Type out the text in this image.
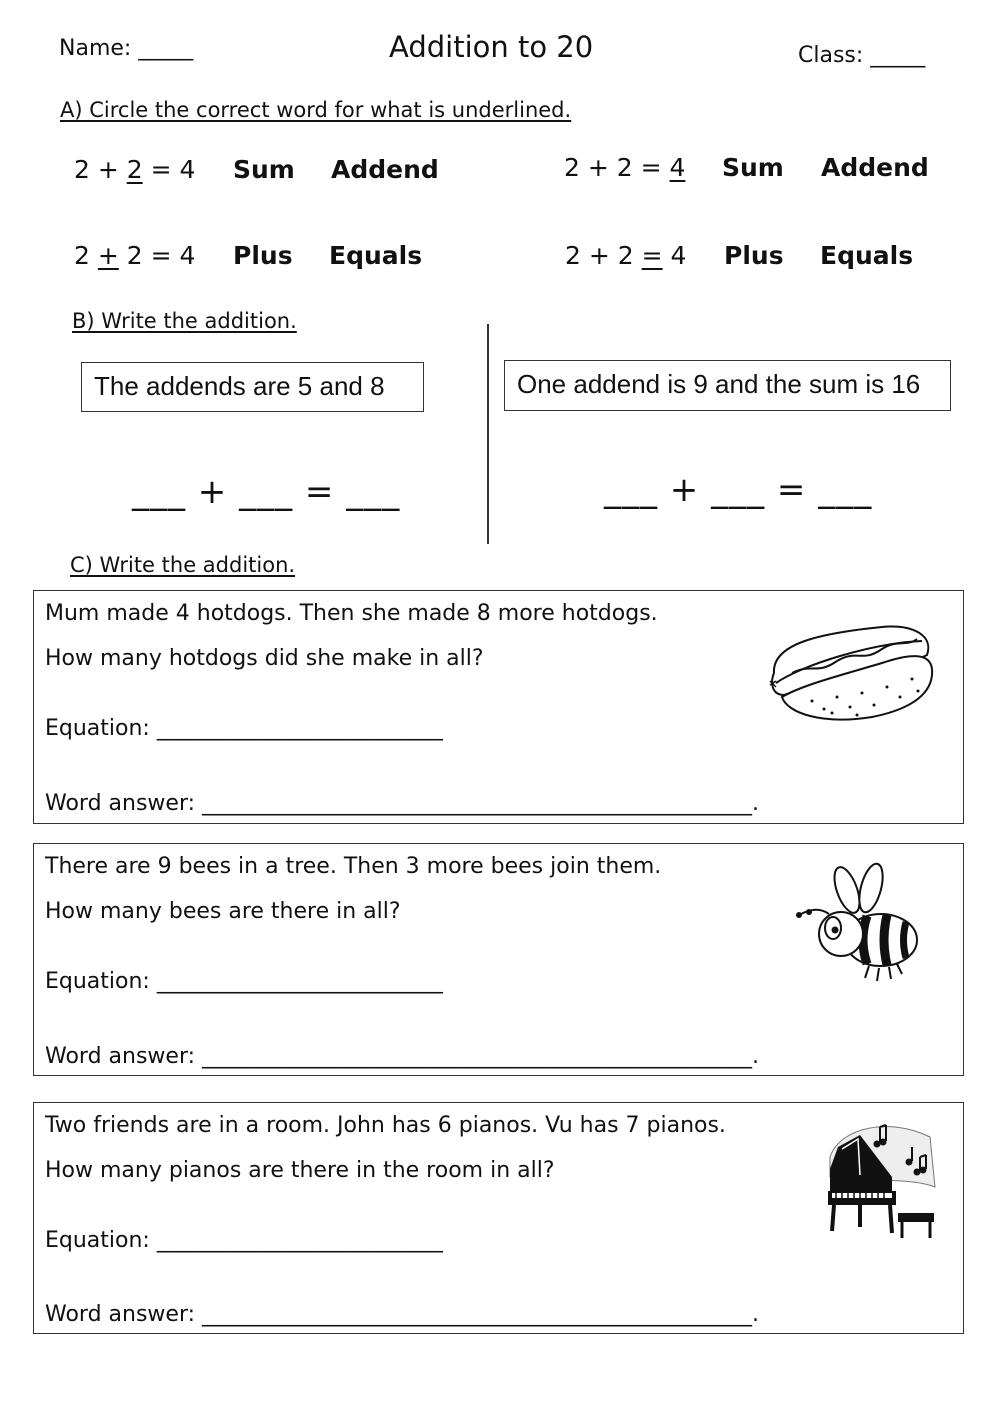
Name: _____	Addition to 20	Class: _____
A) Circle the correct word for what is underlined.
2 + 2 = 4 Sum Addend	2 + 2 = 4 Sum Addend
2 + 2 = 4 Plus Equals	2 + 2 = 4 Plus Equals
B) Write the addition.
The addends are 5 and 8	One addend is 9 and the sum is 16
___ + ___ = ___	___ + ___ = ___
C) Write the addition.
Mum made 4 hotdogs. Then she made 8 more hotdogs.
How many hotdogs did she make in all?
Equation: __________________________
Word answer: __________________________________________________.
There are 9 bees in a tree. Then 3 more bees join them.
How many bees are there in all?
Equation: __________________________
Word answer: __________________________________________________.
Two friends are in a room. John has 6 pianos. Vu has 7 pianos.
How many pianos are there in the room in all?
Equation: __________________________
Word answer: __________________________________________________.
